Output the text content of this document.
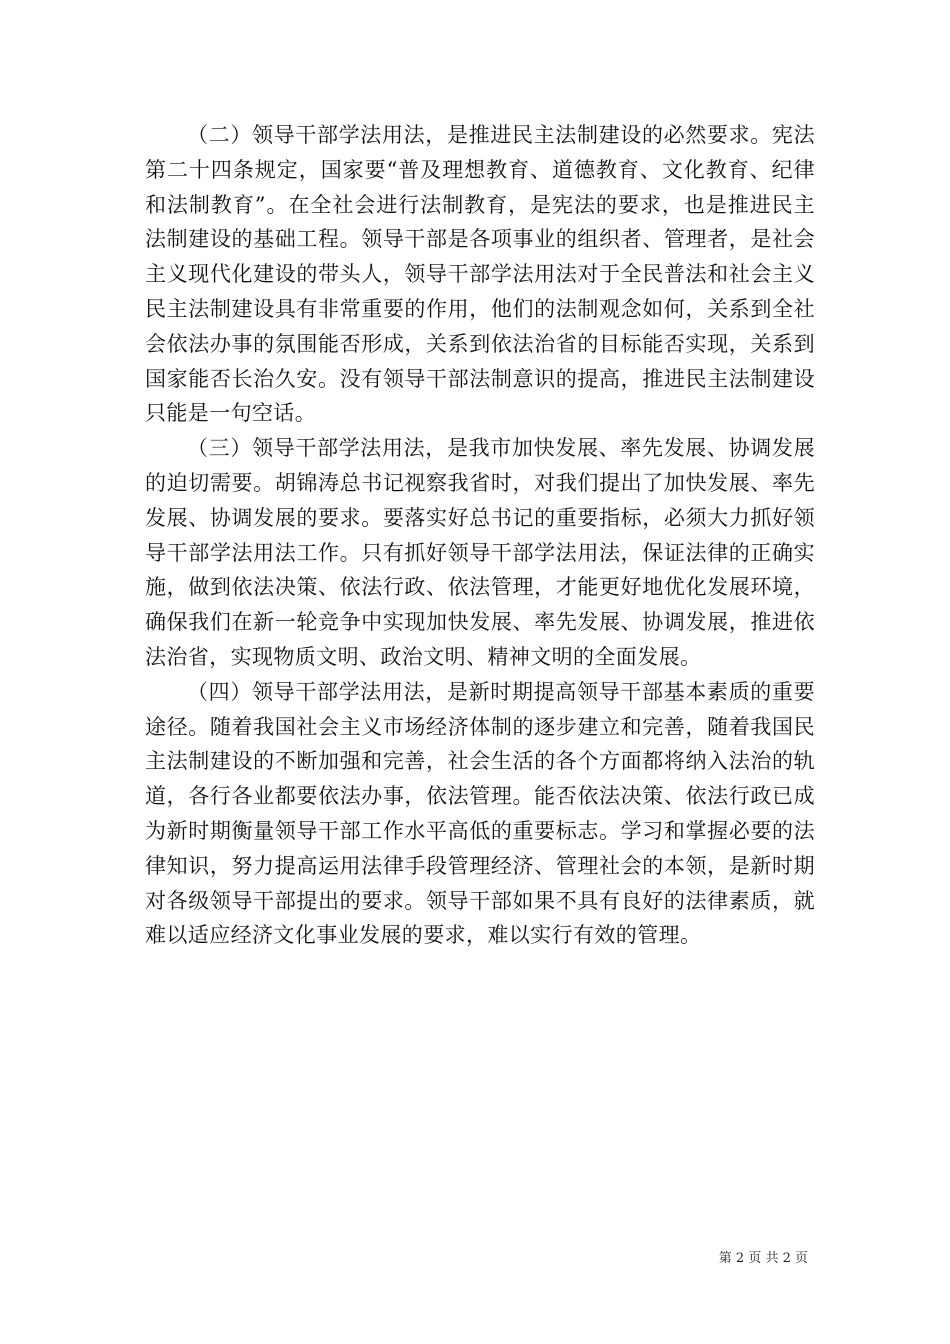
（二）领导干部学法用法，是推进民主法制建设的必然要求。宪法第二十四条规定，国家要“普及理想教育、道德教育、文化教育、纪律和法制教育”。在全社会进行法制教育，是宪法的要求，也是推进民主法制建设的基础工程。领导干部是各项事业的组织者、管理者，是社会主义现代化建设的带头人，领导干部学法用法对于全民普法和社会主义民主法制建设具有非常重要的作用，他们的法制观念如何，关系到全社会依法办事的氛围能否形成，关系到依法治省的目标能否实现，关系到国家能否长治久安。没有领导干部法制意识的提高，推进民主法制建设只能是一句空话。

（三）领导干部学法用法，是我市加快发展、率先发展、协调发展的迫切需要。胡锦涛总书记视察我省时，对我们提出了加快发展、率先发展、协调发展的要求。要落实好总书记的重要指标，必须大力抓好领导干部学法用法工作。只有抓好领导干部学法用法，保证法律的正确实施，做到依法决策、依法行政、依法管理，才能更好地优化发展环境，确保我们在新一轮竞争中实现加快发展、率先发展、协调发展，推进依法治省，实现物质文明、政治文明、精神文明的全面发展。

（四）领导干部学法用法，是新时期提高领导干部基本素质的重要途径。随着我国社会主义市场经济体制的逐步建立和完善，随着我国民主法制建设的不断加强和完善，社会生活的各个方面都将纳入法治的轨道，各行各业都要依法办事，依法管理。能否依法决策、依法行政已成为新时期衡量领导干部工作水平高低的重要标志。学习和掌握必要的法律知识，努力提高运用法律手段管理经济、管理社会的本领，是新时期对各级领导干部提出的要求。领导干部如果不具有良好的法律素质，就难以适应经济文化事业发展的要求，难以实行有效的管理。

第 2 页 共 2 页
